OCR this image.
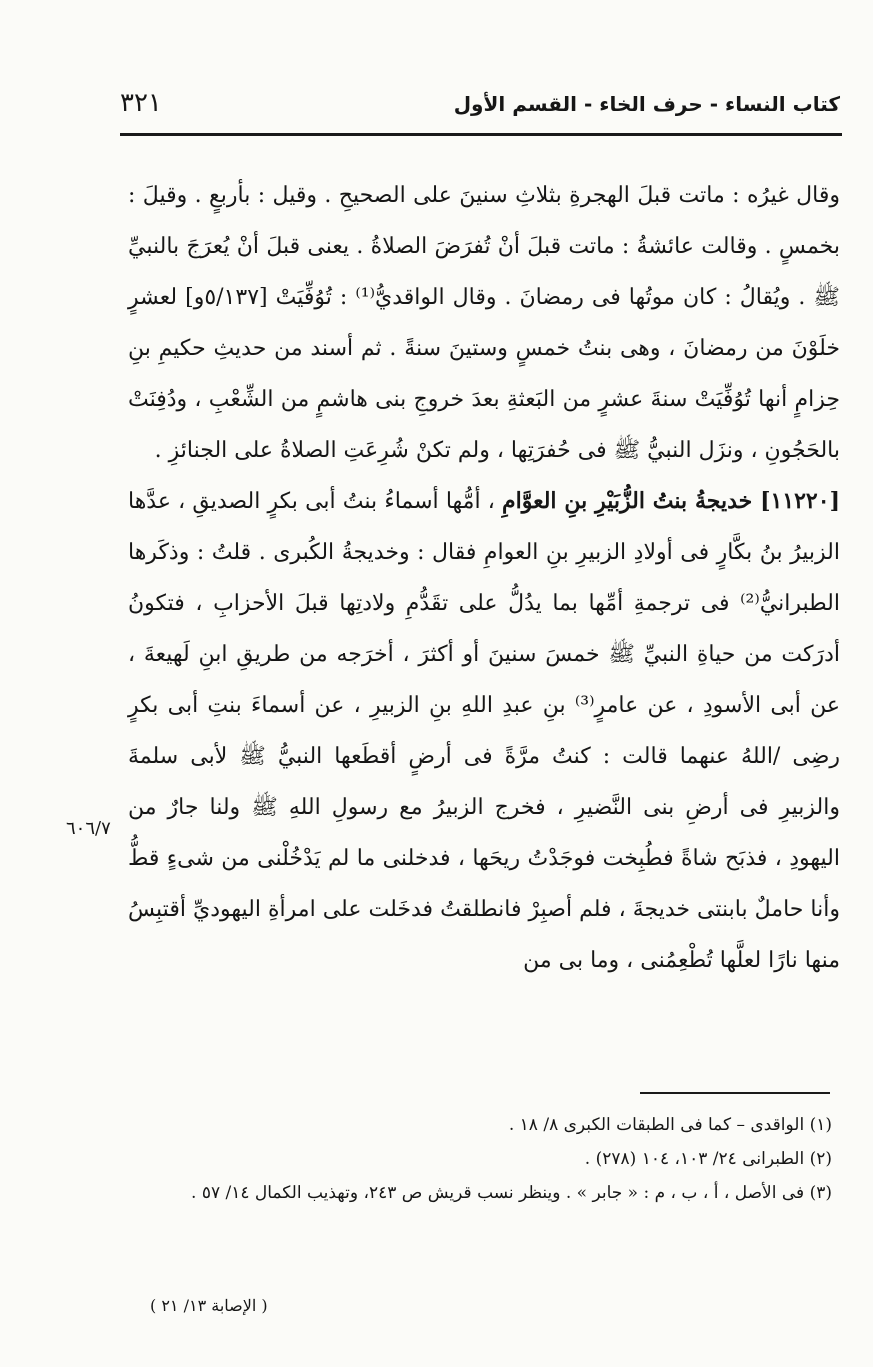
كتاب النساء - حرف الخاء - القسم الأول
٣٢١

وقال غيرُه : ماتت قبلَ الهجرةِ بثلاثِ سنينَ على الصحيحِ . وقيل : بأربعٍ . وقيلَ : بخمسٍ . وقالت عائشةُ : ماتت قبلَ أنْ تُفرَضَ الصلاةُ . يعنى قبلَ أنْ يُعرَجَ بالنبيِّ ﷺ . ويُقالُ : كان موتُها فى رمضانَ . وقال الواقديُّ⁽¹⁾ : تُوُفِّيَتْ [٥/١٣٧و] لعشرٍ خلَوْنَ من رمضانَ ، وهى بنتُ خمسٍ وستينَ سنةً . ثم أسند من حديثِ حكيمِ بنِ حِزامٍ أنها تُوُفِّيَتْ سنةَ عشرٍ من البَعثةِ بعدَ خروجِ بنى هاشمٍ من الشِّعْبِ ، ودُفِنَتْ بالحَجُونِ ، ونزَل النبيُّ ﷺ فى حُفرَتِها ، ولم تكنْ شُرِعَتِ الصلاةُ على الجنائزِ .

[١١٢٢٠] خديجةُ بنتُ الزُّبَيْرِ بنِ العوَّامِ ، أمُّها أسماءُ بنتُ أبى بكرٍ الصديقِ ، عدَّها الزبيرُ بنُ بكَّارٍ فى أولادِ الزبيرِ بنِ العوامِ فقال : وخديجةُ الكُبرى . قلتُ : وذكَرها الطبرانيُّ⁽²⁾ فى ترجمةِ أمِّها بما يدُلُّ على تقَدُّمِ ولادتِها قبلَ الأحزابِ ، فتكونُ أدرَكت من حياةِ النبيِّ ﷺ خمسَ سنينَ أو أكثرَ ، أخرَجه من طريقِ ابنِ لَهيعةَ ، عن أبى الأسودِ ، عن عامرٍ⁽³⁾ بنِ عبدِ اللهِ بنِ الزبيرِ ، عن أسماءَ بنتِ أبى بكرٍ رضِى /اللهُ عنهما قالت : كنتُ مرَّةً فى أرضٍ أقطَعها النبيُّ ﷺ لأبى سلمةَ والزبيرِ فى أرضِ بنى النَّضيرِ ، فخرج الزبيرُ مع رسولِ اللهِ ﷺ ولنا جارٌ من اليهودِ ، فذبَح شاةً فطُبِخت فوجَدْتُ ريحَها ، فدخلنى ما لم يَدْخُلْنى من شىءٍ قطُّ وأنا حاملٌ بابنتى خديجةَ ، فلم أصبِرْ فانطلقتُ فدخَلت على امرأةِ اليهوديِّ أقتبِسُ منها نارًا لعلَّها تُطْعِمُنى ، وما بى من

٦٠٦/٧
(١) الواقدى – كما فى الطبقات الكبرى ٨/ ١٨ .
(٢) الطبرانى ٢٤/ ١٠٣، ١٠٤ (٢٧٨) .
(٣) فى الأصل ، أ ، ب ، م : « جابر » . وينظر نسب قريش ص ٢٤٣، وتهذيب الكمال ١٤/ ٥٧ .
( الإصابة ١٣/ ٢١ )
